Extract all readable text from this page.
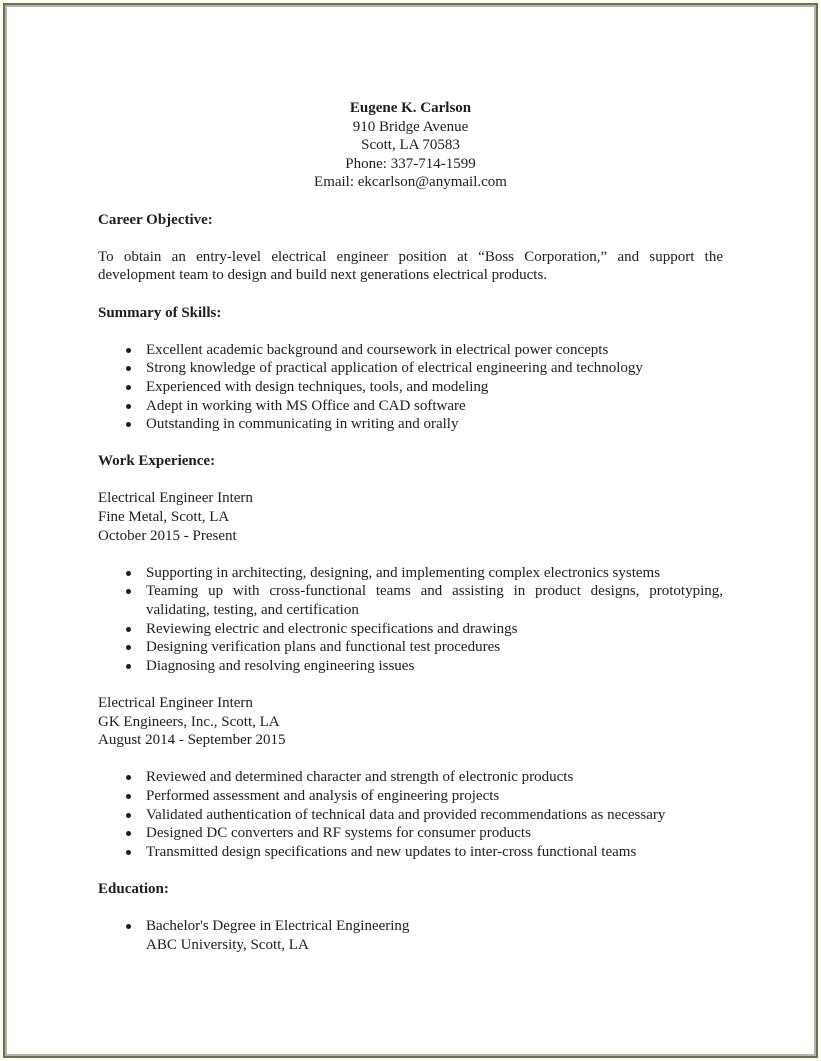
Eugene K. Carlson
910 Bridge Avenue
Scott, LA 70583
Phone: 337-714-1599
Email: ekcarlson@anymail.com
Career Objective:

To obtain an entry-level electrical engineer position at “Boss Corporation,” and support the development team to design and build next generations electrical products.

Summary of Skills:
Excellent academic background and coursework in electrical power concepts
Strong knowledge of practical application of electrical engineering and technology
Experienced with design techniques, tools, and modeling
Adept in working with MS Office and CAD software
Outstanding in communicating in writing and orally
Work Experience:
Electrical Engineer Intern
Fine Metal, Scott, LA
October 2015 - Present
Supporting in architecting, designing, and implementing complex electronics systems
Teaming up with cross-functional teams and assisting in product designs, prototyping, validating, testing, and certification
Reviewing electric and electronic specifications and drawings
Designing verification plans and functional test procedures
Diagnosing and resolving engineering issues
Electrical Engineer Intern
GK Engineers, Inc., Scott, LA
August 2014 - September 2015
Reviewed and determined character and strength of electronic products
Performed assessment and analysis of engineering projects
Validated authentication of technical data and provided recommendations as necessary
Designed DC converters and RF systems for consumer products
Transmitted design specifications and new updates to inter-cross functional teams
Education:
Bachelor's Degree in Electrical Engineering
ABC University, Scott, LA
